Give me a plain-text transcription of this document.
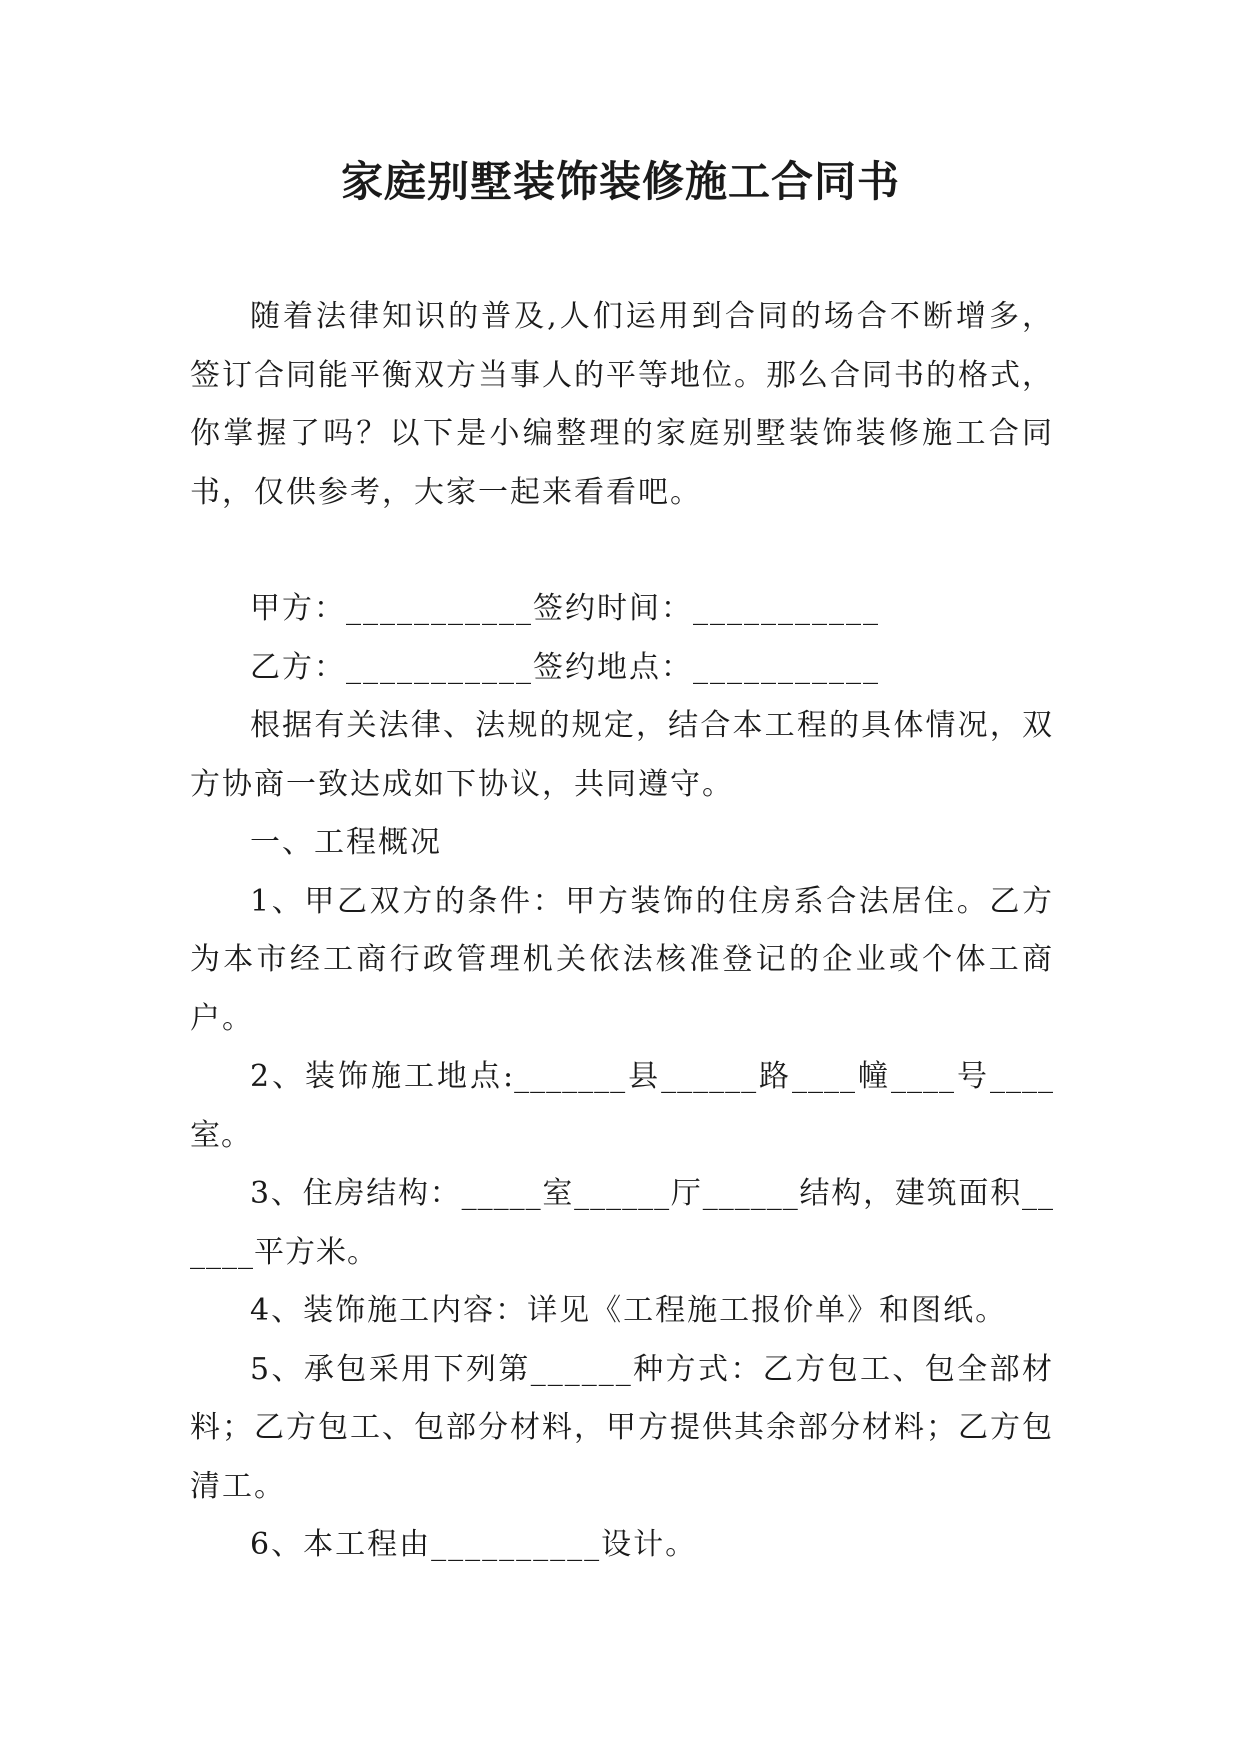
家庭别墅装饰装修施工合同书

随着法律知识的普及,人们运用到合同的场合不断增多，签订合同能平衡双方当事人的平等地位。那么合同书的格式，你掌握了吗？以下是小编整理的家庭别墅装饰装修施工合同书，仅供参考，大家一起来看看吧。

甲方：___________签约时间：___________

乙方：___________签约地点：___________

根据有关法律、法规的规定，结合本工程的具体情况，双方协商一致达成如下协议，共同遵守。

一、工程概况

1、甲乙双方的条件：甲方装饰的住房系合法居住。乙方为本市经工商行政管理机关依法核准登记的企业或个体工商户。

2、装饰施工地点:_______县______路____幢____号____室。

3、住房结构：_____室______厅______结构，建筑面积______平方米。

4、装饰施工内容：详见《工程施工报价单》和图纸。

5、承包采用下列第______种方式：乙方包工、包全部材料；乙方包工、包部分材料，甲方提供其余部分材料；乙方包清工。

6、本工程由__________设计。
